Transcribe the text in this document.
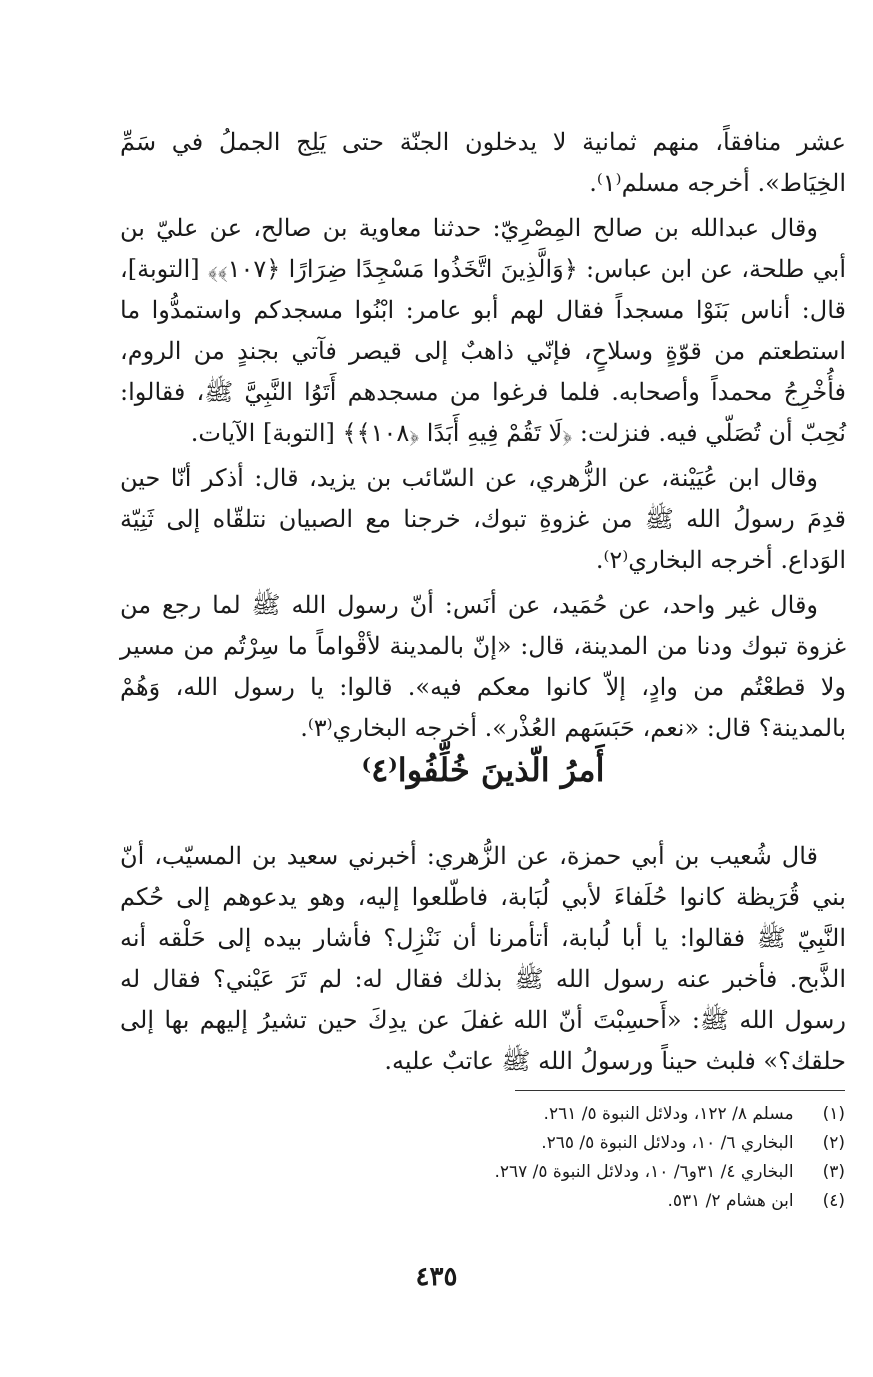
عشر منافقاً، منهم ثمانية لا يدخلون الجنّة حتى يَلِج الجملُ في سَمِّ الخِيَاط». أخرجه مسلم⁽١⁾.

وقال عبدالله بن صالح المِصْرِيّ: حدثنا معاوية بن صالح، عن عليّ بن أبي طلحة، عن ابن عباس: ﴿وَالَّذِينَ اتَّخَذُوا مَسْجِدًا ضِرَارًا ﴿١٠٧﴾﴾ [التوبة]، قال: أناس بَنَوْا مسجداً فقال لهم أبو عامر: ابْنُوا مسجدكم واستمدُّوا ما استطعتم من قوّةٍ وسلاحٍ، فإنّي ذاهبٌ إلى قيصر فآتي بجندٍ من الروم، فأُخْرِجُ محمداً وأصحابه. فلما فرغوا من مسجدهم أَتَوُا النَّبِيَّ ﷺ، فقالوا: نُحِبّ أن تُصَلّي فيه. فنزلت: ﴿لَا تَقُمْ فِيهِ أَبَدًا ﴿١٠٨﴾﴾ [التوبة] الآيات.

وقال ابن عُيَيْنة، عن الزُّهري، عن السّائب بن يزيد، قال: أذكر أنّا حين قدِمَ رسولُ الله ﷺ من غزوةِ تبوك، خرجنا مع الصبيان نتلقّاه إلى ثَنِيّة الوَداع. أخرجه البخاري⁽٢⁾.

وقال غير واحد، عن حُمَيد، عن أنَس: أنّ رسول الله ﷺ لما رجع من غزوة تبوك ودنا من المدينة، قال: «إنّ بالمدينة لأقْواماً ما سِرْتُم من مسير ولا قطعْتُم من وادٍ، إلاّ كانوا معكم فيه». قالوا: يا رسول الله، وَهُمْ بالمدينة؟ قال: «نعم، حَبَسَهم العُذْر». أخرجه البخاري⁽٣⁾.

أَمرُ الّذينَ خُلِّفُوا⁽٤⁾

قال شُعيب بن أبي حمزة، عن الزُّهري: أخبرني سعيد بن المسيّب، أنّ بني قُرَيظة كانوا حُلَفاءَ لأبي لُبَابة، فاطّلعوا إليه، وهو يدعوهم إلى حُكم النَّبِيّ ﷺ فقالوا: يا أبا لُبابة، أتأمرنا أن نَنْزِل؟ فأشار بيده إلى حَلْقه أنه الذَّبح. فأخبر عنه رسول الله ﷺ بذلك فقال له: لم تَرَ عَيْني؟ فقال له رسول الله ﷺ: «أَحسِبْتَ أنّ الله غفلَ عن يدِكَ حين تشيرُ إليهم بها إلى حلقك؟» فلبث حيناً ورسولُ الله ﷺ عاتبٌ عليه.

(١) مسلم ٨/ ١٢٢، ودلائل النبوة ٥/ ٢٦١.
(٢) البخاري ٦/ ١٠، ودلائل النبوة ٥/ ٢٦٥.
(٣) البخاري ٤/ ٣١و٦/ ١٠، ودلائل النبوة ٥/ ٢٦٧.
(٤) ابن هشام ٢/ ٥٣١.
٤٣٥
